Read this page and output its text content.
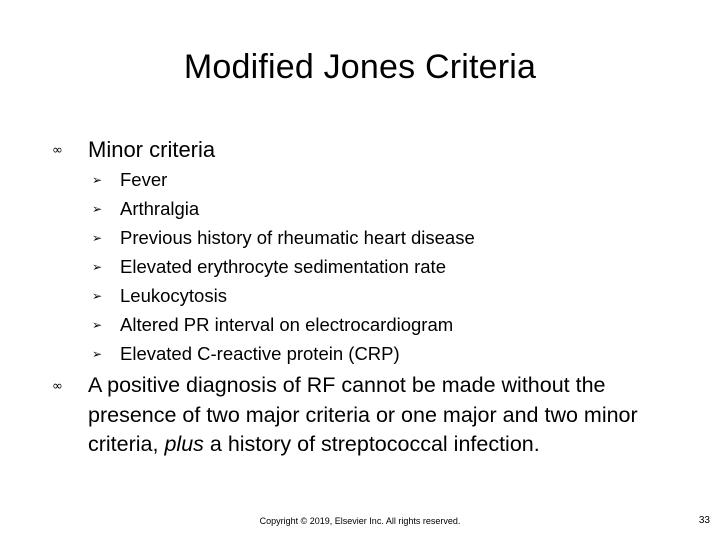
Modified Jones Criteria
∞	Minor criteria
➢ Fever
➢ Arthralgia
➢ Previous history of rheumatic heart disease
➢ Elevated erythrocyte sedimentation rate
➢ Leukocytosis
➢ Altered PR interval on electrocardiogram
➢ Elevated C-reactive protein (CRP)
∞	A positive diagnosis of RF cannot be made without the presence of two major criteria or one major and two minor criteria, plus a history of streptococcal infection.
Copyright © 2019, Elsevier Inc. All rights reserved.	33
